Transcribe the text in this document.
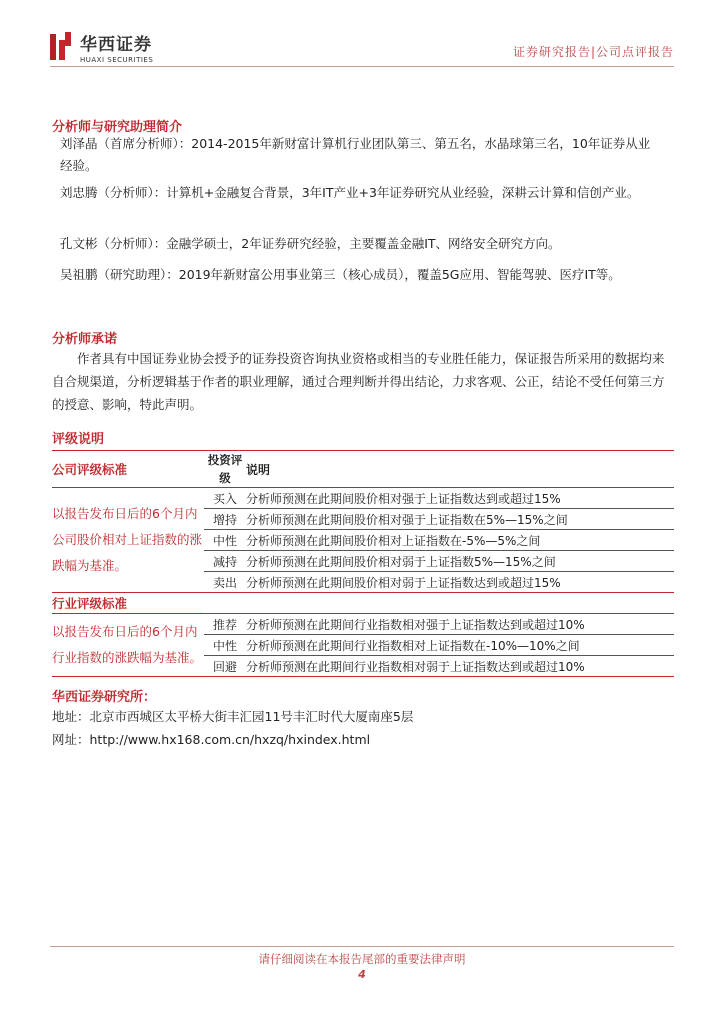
华西证券
HUAXI SECURITIES
证券研究报告|公司点评报告
分析师与研究助理简介
刘泽晶（首席分析师）：2014-2015年新财富计算机行业团队第三、第五名，水晶球第三名，10年证券从业经验。
刘忠腾（分析师）：计算机+金融复合背景，3年IT产业+3年证券研究从业经验，深耕云计算和信创产业。
孔文彬（分析师）：金融学硕士，2年证券研究经验，主要覆盖金融IT、网络安全研究方向。
吴祖鹏（研究助理）：2019年新财富公用事业第三（核心成员），覆盖5G应用、智能驾驶、医疗IT等。
分析师承诺
作者具有中国证券业协会授予的证券投资咨询执业资格或相当的专业胜任能力，保证报告所采用的数据均来自合规渠道，分析逻辑基于作者的职业理解，通过合理判断并得出结论，力求客观、公正，结论不受任何第三方的授意、影响，特此声明。
评级说明
公司评级标准	投资评级	说明
以报告发布日后的6个月内公司股价相对上证指数的涨跌幅为基准。	买入	分析师预测在此期间股价相对强于上证指数达到或超过15%
	增持	分析师预测在此期间股价相对强于上证指数在5%—15%之间
	中性	分析师预测在此期间股价相对上证指数在-5%—5%之间
	减持	分析师预测在此期间股价相对弱于上证指数5%—15%之间
	卖出	分析师预测在此期间股价相对弱于上证指数达到或超过15%
行业评级标准		
以报告发布日后的6个月内行业指数的涨跌幅为基准。	推荐	分析师预测在此期间行业指数相对强于上证指数达到或超过10%
	中性	分析师预测在此期间行业指数相对上证指数在-10%—10%之间
	回避	分析师预测在此期间行业指数相对弱于上证指数达到或超过10%
华西证券研究所：
地址：北京市西城区太平桥大街丰汇园11号丰汇时代大厦南座5层
网址：http://www.hx168.com.cn/hxzq/hxindex.html
请仔细阅读在本报告尾部的重要法律声明
4
